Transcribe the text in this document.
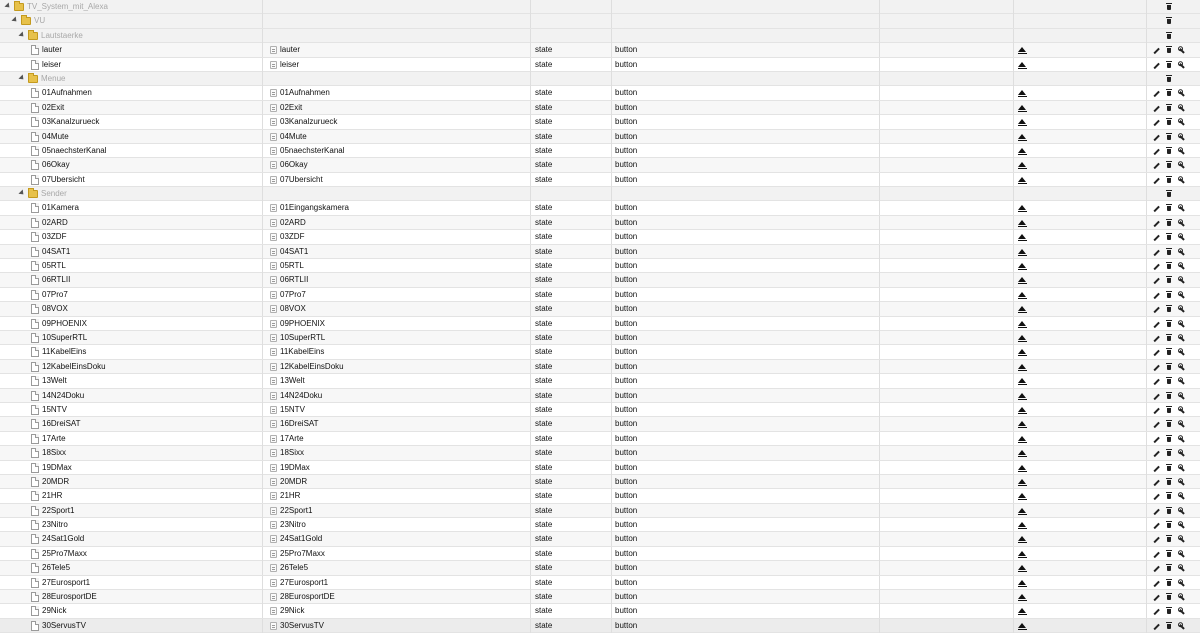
TV_System_mit_Alexa
VU
Lautstaerke
lauter	lauter	state	button
leiser	leiser	state	button
Menue
01Aufnahmen	01Aufnahmen	state	button
02Exit	02Exit	state	button
03Kanalzurueck	03Kanalzurueck	state	button
04Mute	04Mute	state	button
05naechsterKanal	05naechsterKanal	state	button
06Okay	06Okay	state	button
07Ubersicht	07Ubersicht	state	button
Sender
01Kamera	01Eingangskamera	state	button
02ARD	02ARD	state	button
03ZDF	03ZDF	state	button
04SAT1	04SAT1	state	button
05RTL	05RTL	state	button
06RTLII	06RTLII	state	button
07Pro7	07Pro7	state	button
08VOX	08VOX	state	button
09PHOENIX	09PHOENIX	state	button
10SuperRTL	10SuperRTL	state	button
11KabelEins	11KabelEins	state	button
12KabelEinsDoku	12KabelEinsDoku	state	button
13Welt	13Welt	state	button
14N24Doku	14N24Doku	state	button
15NTV	15NTV	state	button
16DreiSAT	16DreiSAT	state	button
17Arte	17Arte	state	button
18Sixx	18Sixx	state	button
19DMax	19DMax	state	button
20MDR	20MDR	state	button
21HR	21HR	state	button
22Sport1	22Sport1	state	button
23Nitro	23Nitro	state	button
24Sat1Gold	24Sat1Gold	state	button
25Pro7Maxx	25Pro7Maxx	state	button
26Tele5	26Tele5	state	button
27Eurosport1	27Eurosport1	state	button
28EurosportDE	28EurosportDE	state	button
29Nick	29Nick	state	button
30ServusTV	30ServusTV	state	button
